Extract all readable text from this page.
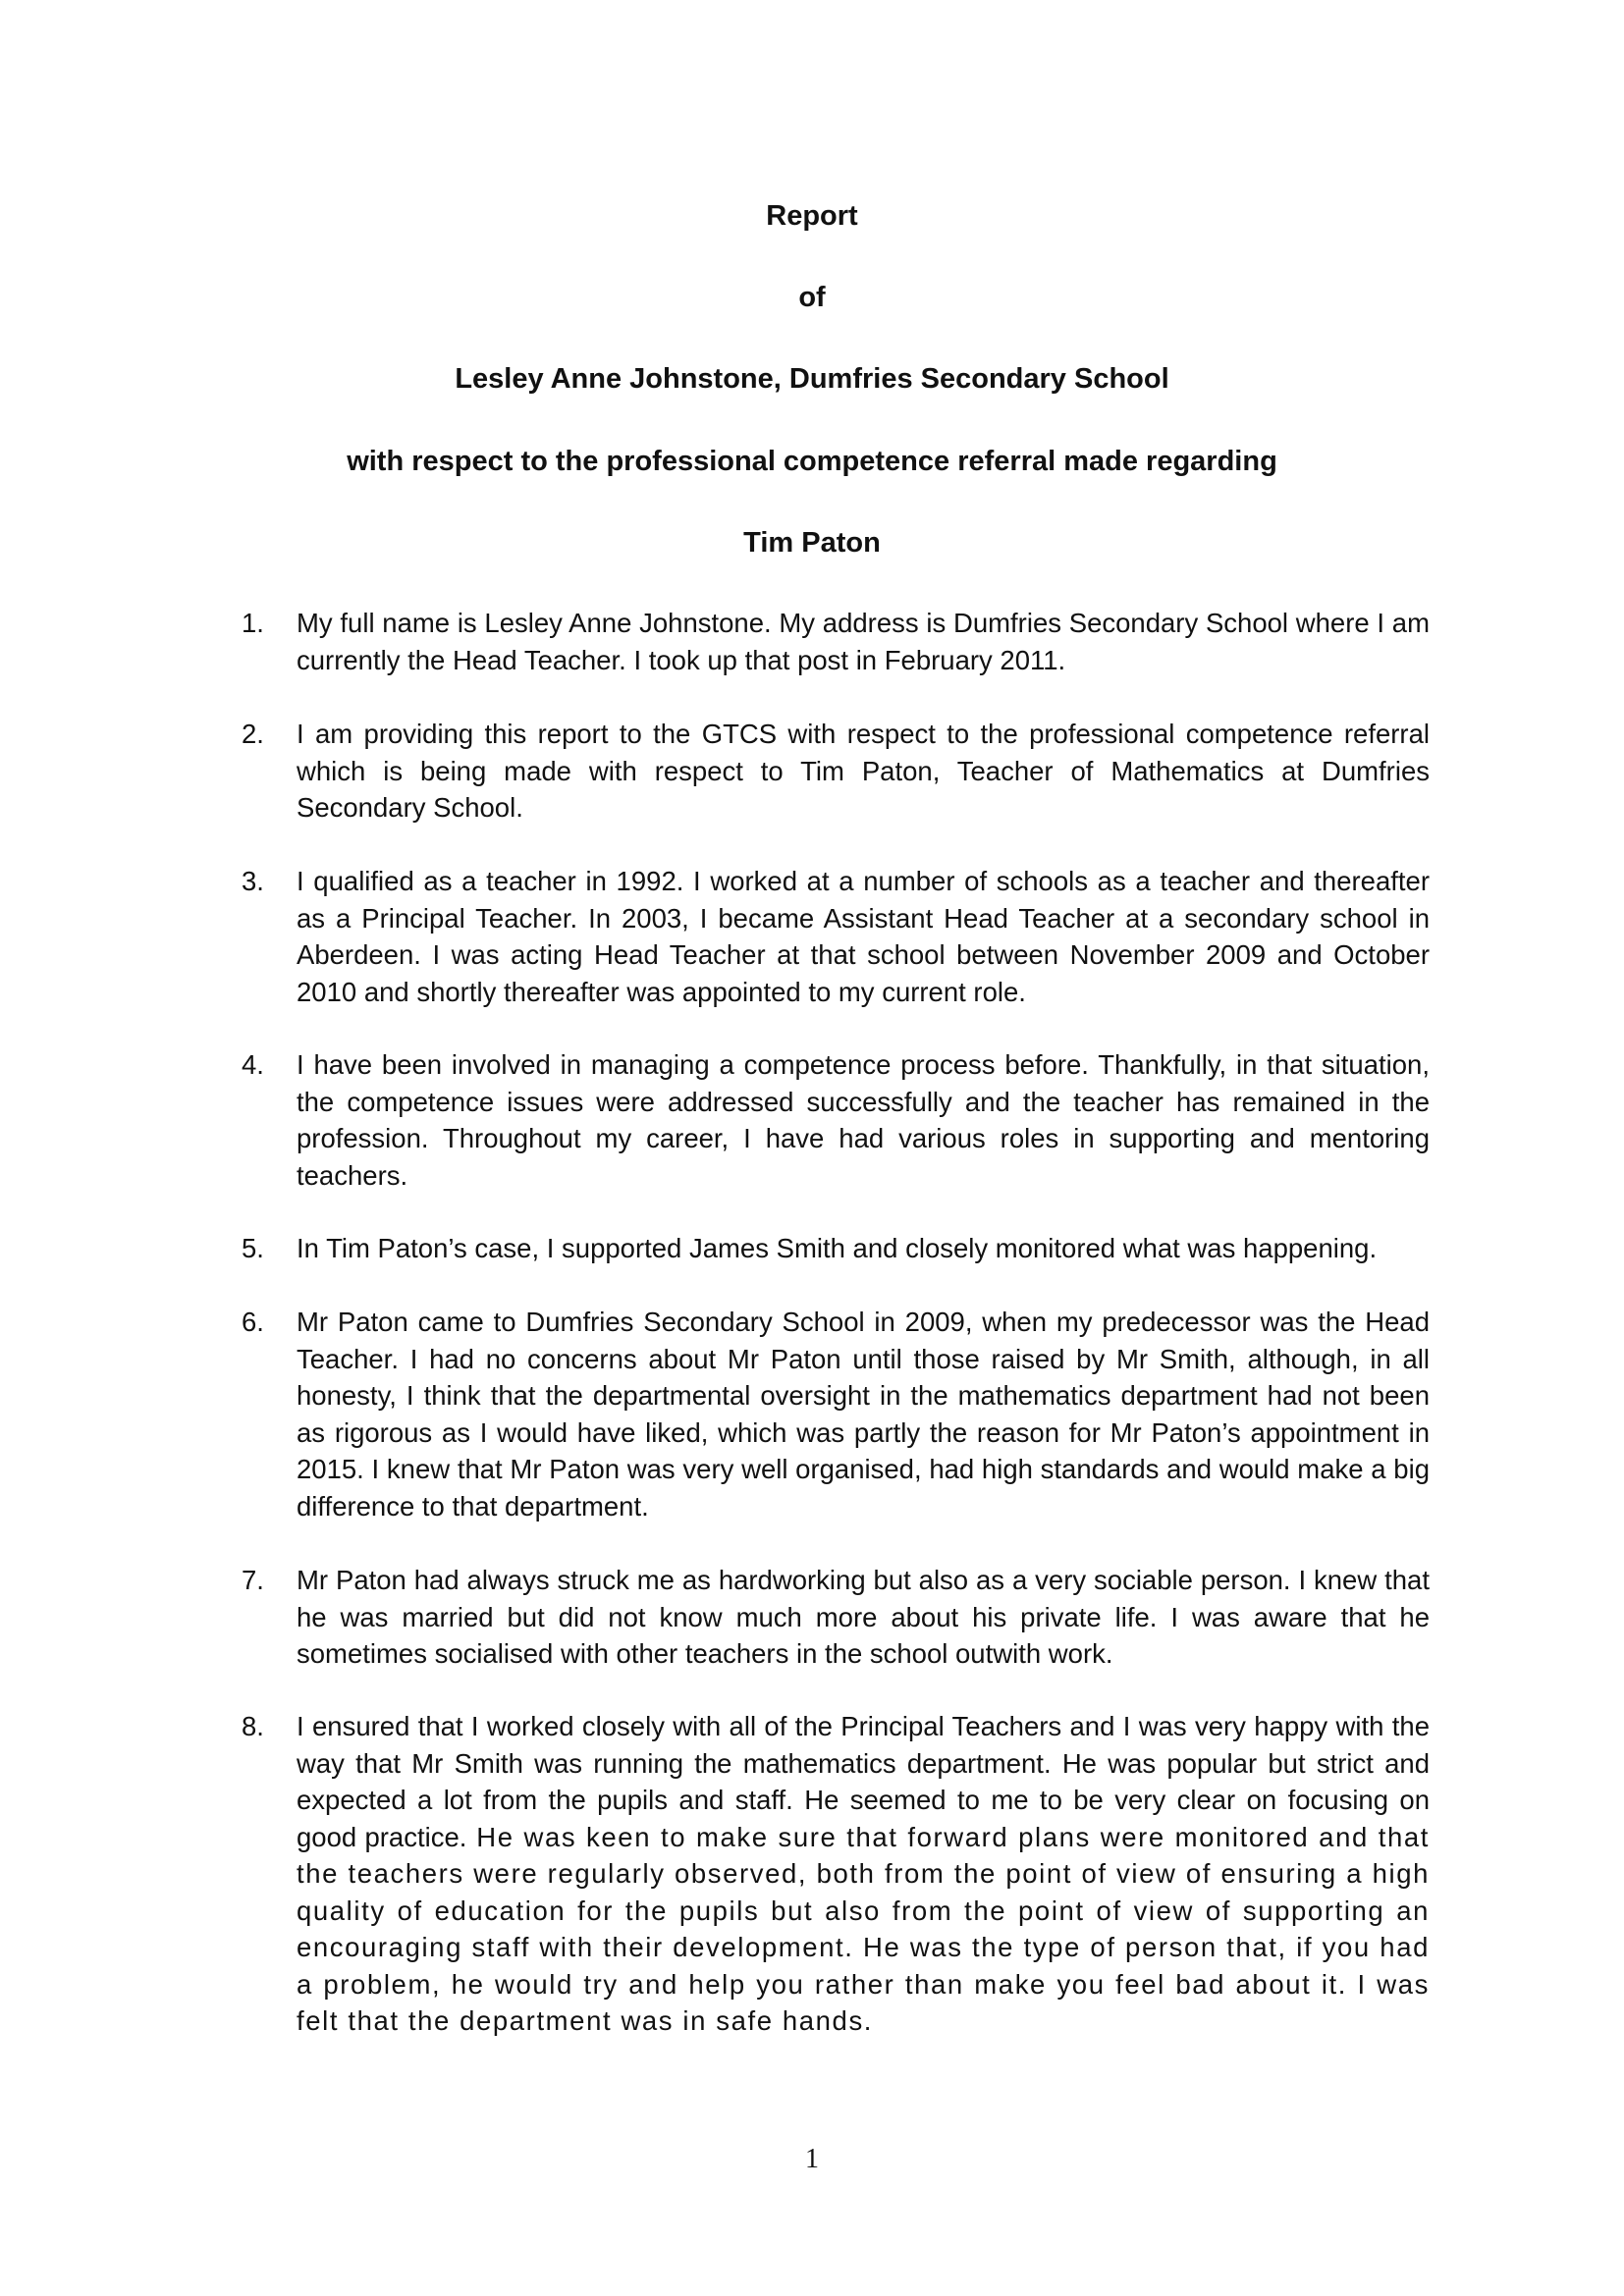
Report

of

Lesley Anne Johnstone, Dumfries Secondary School

with respect to the professional competence referral made regarding

Tim Paton

1.	My full name is Lesley Anne Johnstone. My address is Dumfries Secondary School where I am currently the Head Teacher. I took up that post in February 2011.
2.	I am providing this report to the GTCS with respect to the professional competence referral which is being made with respect to Tim Paton, Teacher of Mathematics at Dumfries Secondary School.
3.	I qualified as a teacher in 1992. I worked at a number of schools as a teacher and thereafter as a Principal Teacher. In 2003, I became Assistant Head Teacher at a secondary school in Aberdeen. I was acting Head Teacher at that school between November 2009 and October 2010 and shortly thereafter was appointed to my current role.
4.	I have been involved in managing a competence process before. Thankfully, in that situation, the competence issues were addressed successfully and the teacher has remained in the profession. Throughout my career, I have had various roles in supporting and mentoring teachers.
5.	In Tim Paton’s case, I supported James Smith and closely monitored what was happening.
6.	Mr Paton came to Dumfries Secondary School in 2009, when my predecessor was the Head Teacher. I had no concerns about Mr Paton until those raised by Mr Smith, although, in all honesty, I think that the departmental oversight in the mathematics department had not been as rigorous as I would have liked, which was partly the reason for Mr Paton’s appointment in 2015. I knew that Mr Paton was very well organised, had high standards and would make a big difference to that department.
7.	Mr Paton had always struck me as hardworking but also as a very sociable person. I knew that he was married but did not know much more about his private life. I was aware that he sometimes socialised with other teachers in the school outwith work.
8.	I ensured that I worked closely with all of the Principal Teachers and I was very happy with the way that Mr Smith was running the mathematics department. He was popular but strict and expected a lot from the pupils and staff. He seemed to me to be very clear on focusing on good practice. He was keen to make sure that forward plans were monitored and that the teachers were regularly observed, both from the point of view of ensuring a high quality of education for the pupils but also from the point of view of supporting an encouraging staff with their development. He was the type of person that, if you had a problem, he would try and help you rather than make you feel bad about it. I was felt that the department was in safe hands.
1
